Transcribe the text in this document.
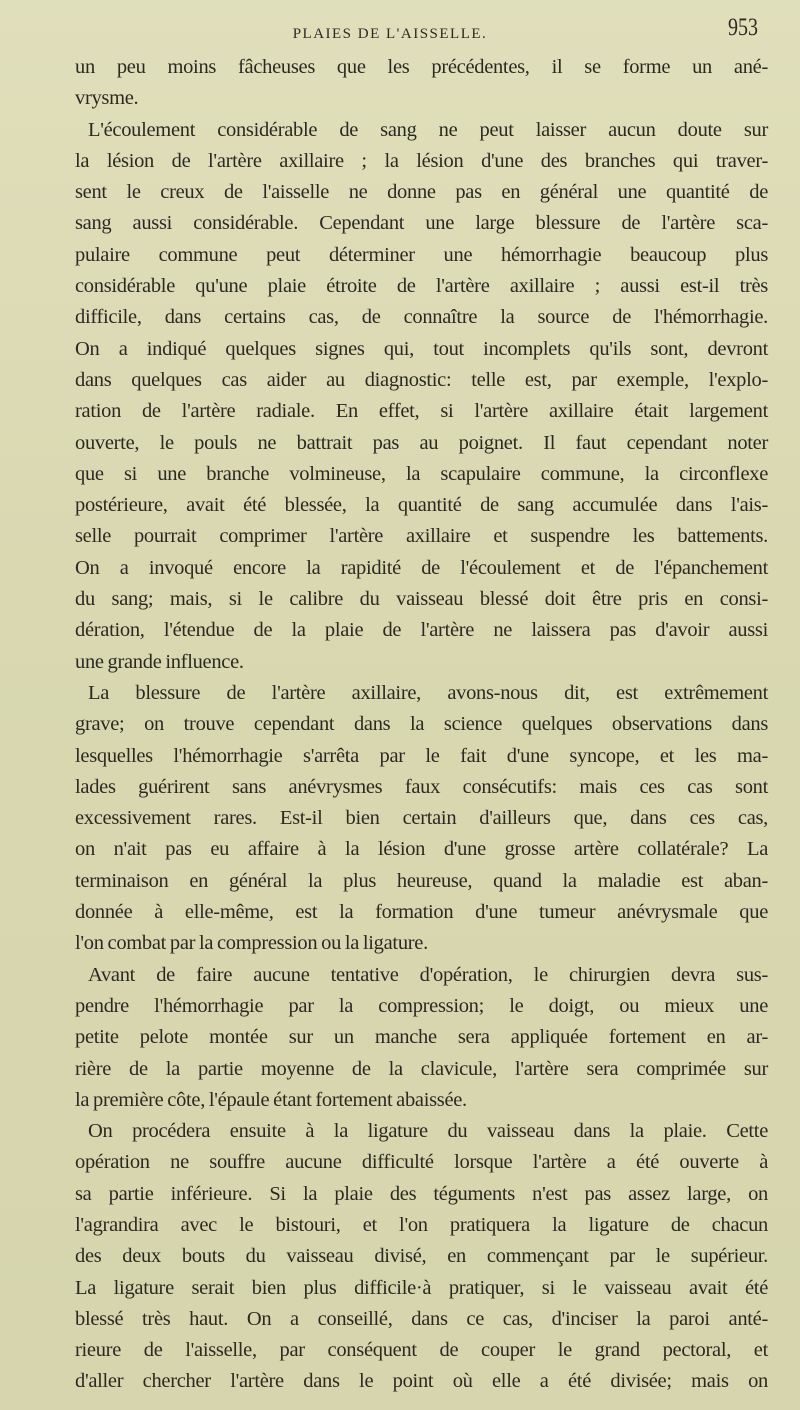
PLAIES DE L'AISSELLE.	953
un peu moins fâcheuses que les précédentes, il se forme un ané-
vrysme.
L'écoulement considérable de sang ne peut laisser aucun doute sur
la lésion de l'artère axillaire ; la lésion d'une des branches qui traver-
sent le creux de l'aisselle ne donne pas en général une quantité de
sang aussi considérable. Cependant une large blessure de l'artère sca-
pulaire commune peut déterminer une hémorrhagie beaucoup plus
considérable qu'une plaie étroite de l'artère axillaire ; aussi est-il très
difficile, dans certains cas, de connaître la source de l'hémorrhagie.
On a indiqué quelques signes qui, tout incomplets qu'ils sont, devront
dans quelques cas aider au diagnostic: telle est, par exemple, l'explo-
ration de l'artère radiale. En effet, si l'artère axillaire était largement
ouverte, le pouls ne battrait pas au poignet. Il faut cependant noter
que si une branche volmineuse, la scapulaire commune, la circonflexe
postérieure, avait été blessée, la quantité de sang accumulée dans l'ais-
selle pourrait comprimer l'artère axillaire et suspendre les battements.
On a invoqué encore la rapidité de l'écoulement et de l'épanchement
du sang; mais, si le calibre du vaisseau blessé doit être pris en consi-
dération, l'étendue de la plaie de l'artère ne laissera pas d'avoir aussi
une grande influence.
La blessure de l'artère axillaire, avons-nous dit, est extrêmement
grave; on trouve cependant dans la science quelques observations dans
lesquelles l'hémorrhagie s'arrêta par le fait d'une syncope, et les ma-
lades guérirent sans anévrysmes faux consécutifs: mais ces cas sont
excessivement rares. Est-il bien certain d'ailleurs que, dans ces cas,
on n'ait pas eu affaire à la lésion d'une grosse artère collatérale? La
terminaison en général la plus heureuse, quand la maladie est aban-
donnée à elle-même, est la formation d'une tumeur anévrysmale que
l'on combat par la compression ou la ligature.
Avant de faire aucune tentative d'opération, le chirurgien devra sus-
pendre l'hémorrhagie par la compression; le doigt, ou mieux une
petite pelote montée sur un manche sera appliquée fortement en ar-
rière de la partie moyenne de la clavicule, l'artère sera comprimée sur
la première côte, l'épaule étant fortement abaissée.
On procédera ensuite à la ligature du vaisseau dans la plaie. Cette
opération ne souffre aucune difficulté lorsque l'artère a été ouverte à
sa partie inférieure. Si la plaie des téguments n'est pas assez large, on
l'agrandira avec le bistouri, et l'on pratiquera la ligature de chacun
des deux bouts du vaisseau divisé, en commençant par le supérieur.
La ligature serait bien plus difficile·à pratiquer, si le vaisseau avait été
blessé très haut. On a conseillé, dans ce cas, d'inciser la paroi anté-
rieure de l'aisselle, par conséquent de couper le grand pectoral, et
d'aller chercher l'artère dans le point où elle a été divisée; mais on
